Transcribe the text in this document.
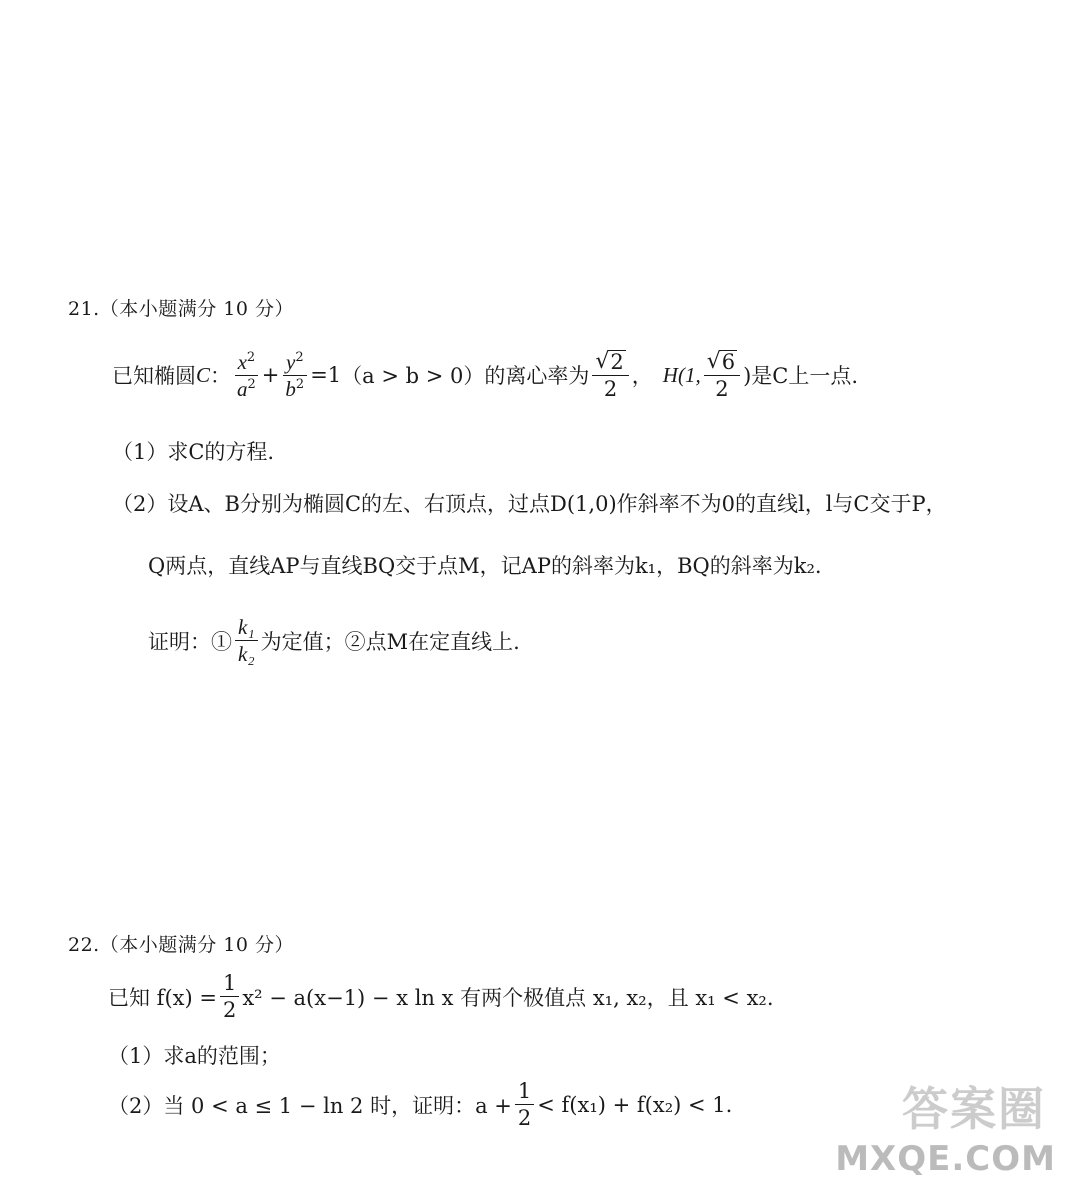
21.（本小题满分 10 分）
已知椭圆 C ： $\frac{x^2}{a^2} + \frac{y^2}{b^2} =1$ （a > b > 0） 的离心率为 $\frac{√ 2}{2}$ ， H(1, $\frac{√ 6}{2}$ )是C上一点.
（1）求C的方程.
（2）设A、B分别为椭圆C的左、右顶点，过点D(1,0)作斜率不为0的直线l，l与C交于P，
Q两点，直线AP与直线BQ交于点M，记AP的斜率为k₁，BQ的斜率为k₂.
证明：① $\frac{\text{k₁}}{\text{k₂}}$ 为定值；②点M在定直线上.
22.（本小题满分 10 分）
已知 $f(x) = \frac{1}{2} x^2 - a(x-1) - x$ ln x 有两个极值点 x₁, x₂，且 x₁ < x₂.
（1）求a的范围；
（2）当 0 < a ≤ 1 − ln 2 时，证明：$a + \frac{1}{2} < f(x_1) + f(x_2) < 1$.	答案圈
MXQE.COM
